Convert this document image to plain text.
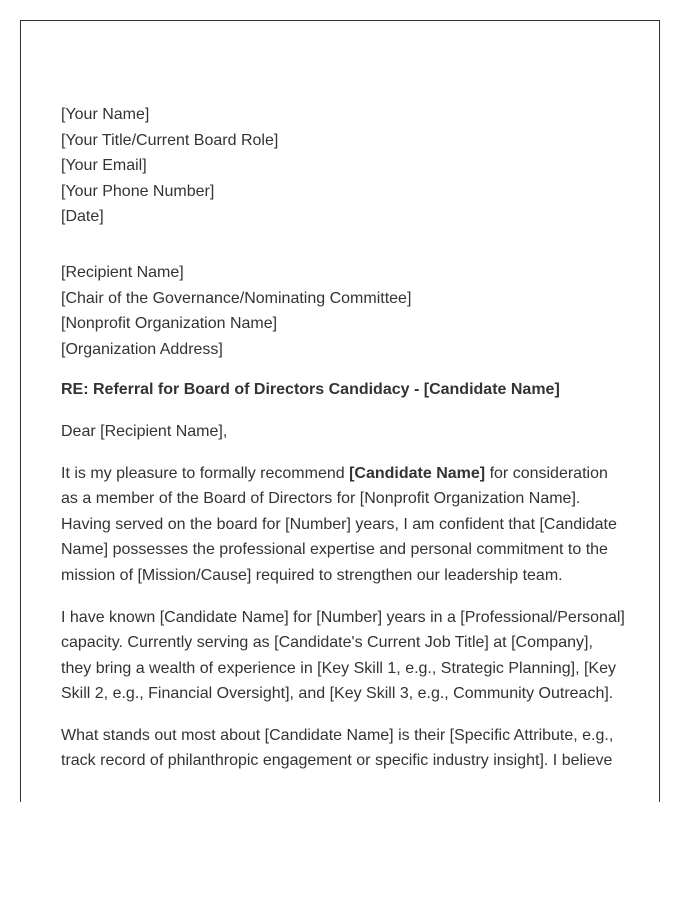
[Your Name]
[Your Title/Current Board Role]
[Your Email]
[Your Phone Number]
[Date]
[Recipient Name]
[Chair of the Governance/Nominating Committee]
[Nonprofit Organization Name]
[Organization Address]

RE: Referral for Board of Directors Candidacy - [Candidate Name]

Dear [Recipient Name],

It is my pleasure to formally recommend [Candidate Name] for consideration as a member of the Board of Directors for [Nonprofit Organization Name]. Having served on the board for [Number] years, I am confident that [Candidate Name] possesses the professional expertise and personal commitment to the mission of [Mission/Cause] required to strengthen our leadership team.

I have known [Candidate Name] for [Number] years in a [Professional/Personal] capacity. Currently serving as [Candidate's Current Job Title] at [Company], they bring a wealth of experience in [Key Skill 1, e.g., Strategic Planning], [Key Skill 2, e.g., Financial Oversight], and [Key Skill 3, e.g., Community Outreach].

What stands out most about [Candidate Name] is their [Specific Attribute, e.g., track record of philanthropic engagement or specific industry insight]. I believe
